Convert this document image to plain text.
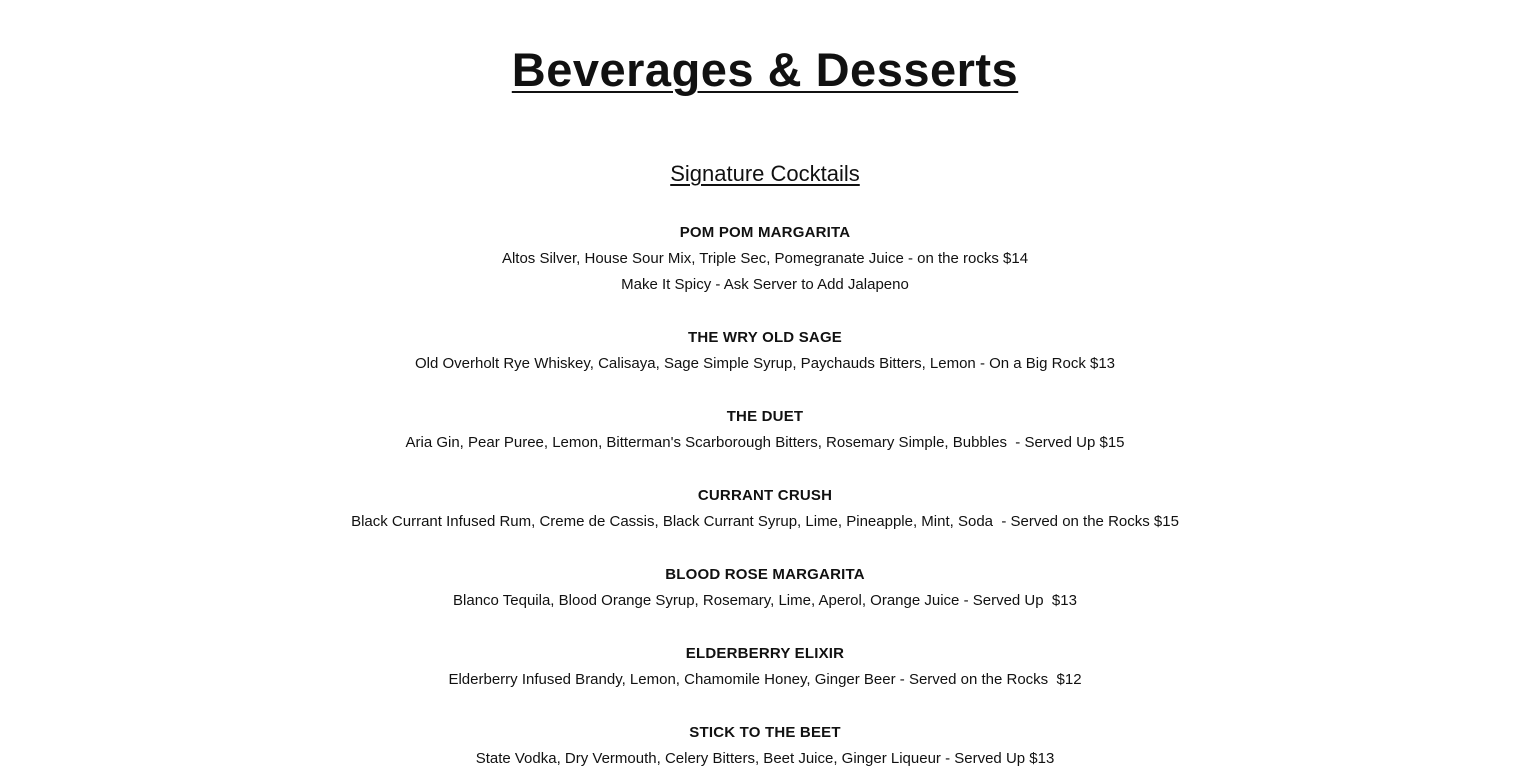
Beverages & Desserts
Signature Cocktails
POM POM MARGARITA
Altos Silver, House Sour Mix, Triple Sec, Pomegranate Juice - on the rocks $14
Make It Spicy - Ask Server to Add Jalapeno
THE WRY OLD SAGE
Old Overholt Rye Whiskey, Calisaya, Sage Simple Syrup, Paychauds Bitters, Lemon - On a Big Rock $13
THE DUET
Aria Gin, Pear Puree, Lemon, Bitterman's Scarborough Bitters, Rosemary Simple, Bubbles  - Served Up $15
CURRANT CRUSH
Black Currant Infused Rum, Creme de Cassis, Black Currant Syrup, Lime, Pineapple, Mint, Soda  - Served on the Rocks $15
BLOOD ROSE MARGARITA
Blanco Tequila, Blood Orange Syrup, Rosemary, Lime, Aperol, Orange Juice - Served Up  $13
ELDERBERRY ELIXIR
Elderberry Infused Brandy, Lemon, Chamomile Honey, Ginger Beer - Served on the Rocks  $12
STICK TO THE BEET
State Vodka, Dry Vermouth, Celery Bitters, Beet Juice, Ginger Liqueur - Served Up $13
